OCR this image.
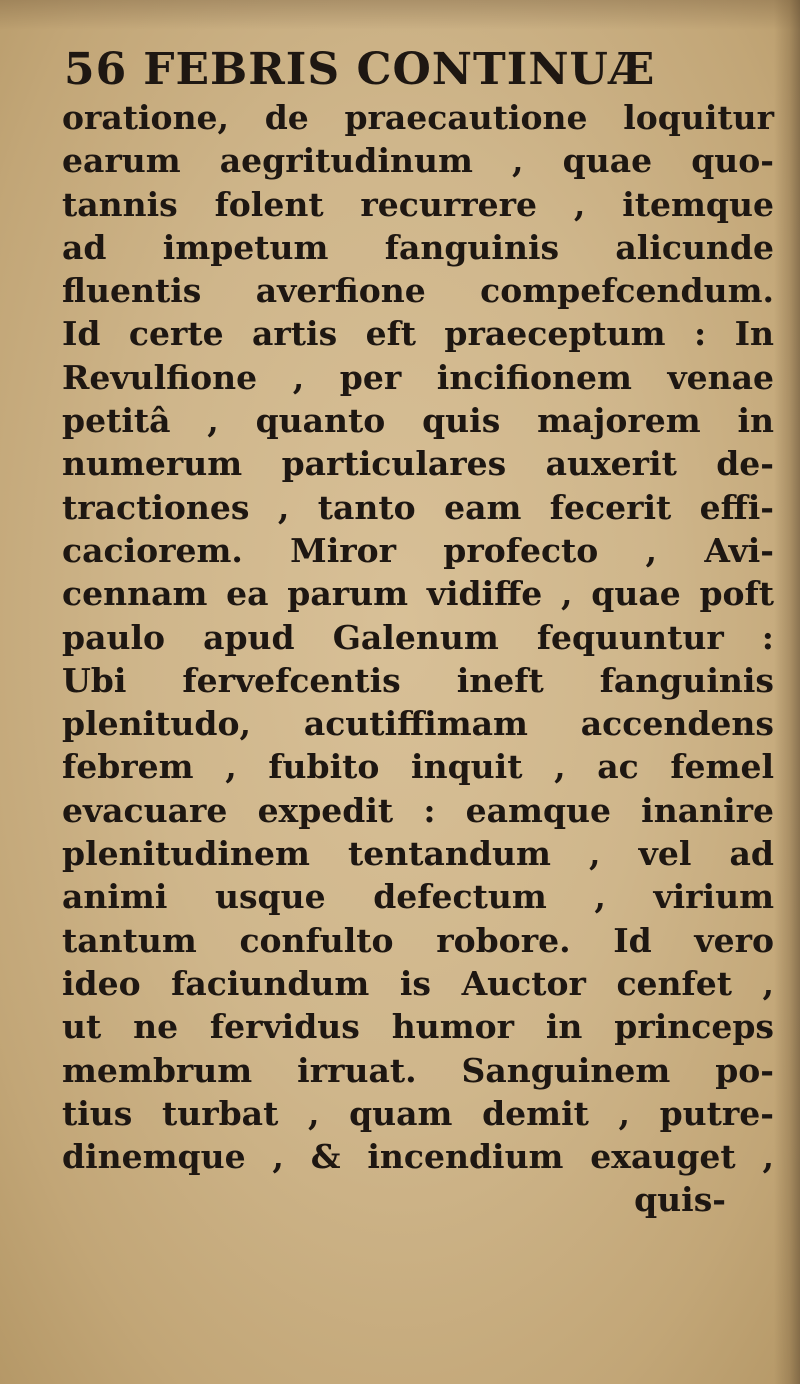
56 FEBRIS CONTINUÆ
oratione, de praecautione loquitur
earum aegritudinum , quae quo-
tannis folent recurrere , itemque
ad impetum fanguinis alicunde
fluentis averfione compefcendum.
Id certe artis eft praeceptum : In
Revulfione , per incifionem venae
petitâ , quanto quis majorem in
numerum particulares auxerit de-
tractiones , tanto eam fecerit effi-
caciorem. Miror profecto , Avi-
cennam ea parum vidiffe , quae poft
paulo apud Galenum fequuntur :
Ubi fervefcentis ineft fanguinis
plenitudo, acutiffimam accendens
febrem , fubito inquit , ac femel
evacuare expedit : eamque inanire
plenitudinem tentandum , vel ad
animi usque defectum , virium
tantum confulto robore. Id vero
ideo faciundum is Auctor cenfet ,
ut ne fervidus humor in princeps
membrum irruat. Sanguinem po-
tius turbat , quam demit , putre-
dinemque , & incendium exauget ,
quis-
